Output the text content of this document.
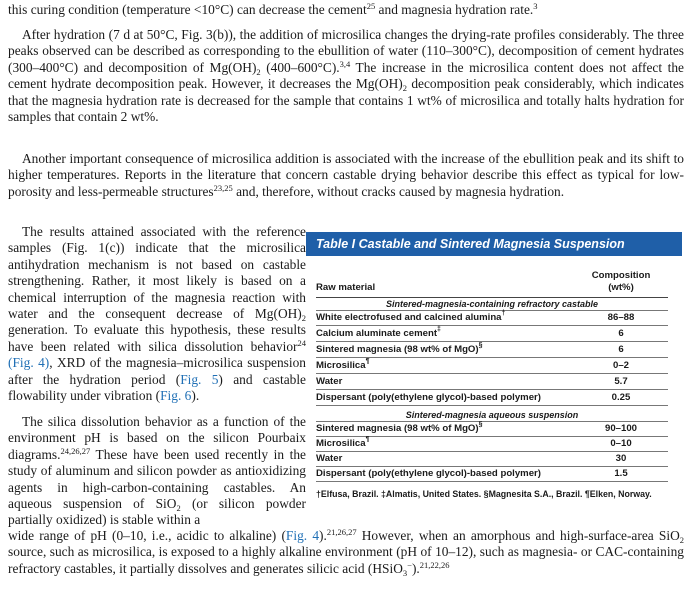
this curing condition (temperature <10°C) can decrease the cement$^{25}$ and magnesia hydration rate.$^3$

After hydration (7 d at 50°C, Fig. 3(b)), the addition of microsilica changes the drying-rate profiles considerably. The three peaks observed can be described as corresponding to the ebullition of water (110–300°C), decomposition of cement hydrates (300–400°C) and decomposition of $Mg(OH)_2$ (400–600°C).$^{3,4}$ The increase in the microsilica content does not affect the cement hydrate decomposition peak. However, it decreases the $Mg(OH)_2$ decomposition peak considerably, which indicates that the magnesia hydration rate is decreased for the sample that contains 1 wt% of microsilica and totally halts hydration for samples that contain 2 wt%.

Another important consequence of microsilica addition is associated with the increase of the ebullition peak and its shift to higher temperatures. Reports in the literature that concern castable drying behavior describe this effect as typical for low-porosity and less-permeable structures$^{23,25}$ and, therefore, without cracks caused by magnesia hydration.

The results attained associated with the reference samples (Fig. 1(c)) indicate that the microsilica antihydration mechanism is not based on castable strengthening. Rather, it most likely is based on a chemical interruption of the magnesia reaction with water and the consequent decrease of $Mg(OH)_2$ generation. To evaluate this hypothesis, these results have been related with silica dissolution behavior$^{24}$ (Fig. 4), XRD of the magnesia–microsilica suspension after the hydration period (Fig. 5) and castable flowability under vibration (Fig. 6).

The silica dissolution behavior as a function of the environment pH is based on the silicon Pourbaix diagrams.$^{24,26,27}$ These have been used recently in the study of aluminum and silicon powder as antioxidizing agents in high-carbon-containing castables. An aqueous suspension of SiO$_2$ (or silicon powder partially oxidized) is stable within a

wide range of pH (0–10, i.e., acidic to alkaline) (Fig. 4).$^{21,26,27}$ However, when an amorphous and high-surface-area SiO$_2$ source, such as microsilica, is exposed to a highly alkaline environment (pH of 10–12), such as magnesia- or CAC-containing refractory castables, it partially dissolves and generates silicic acid (HSiO$_3$−).$^{21,22,26}$

Table I Castable and Sintered Magnesia Suspension Composition
Raw material
Composition
(wt%)
Sintered-magnesia-containing refractory castable
White electrofused and calcined alumina†	86–88
Calcium aluminate cement‡	6
Sintered magnesia (98 wt% of MgO)§	6
Microsilica¶	0–2
Water	5.7
Dispersant (poly(ethylene glycol)-based polymer)	0.25
Sintered-magnesia aqueous suspension
Sintered magnesia (98 wt% of MgO)§	90–100
Microsilica¶	0–10
Water	30
Dispersant (poly(ethylene glycol)-based polymer)	1.5
†Elfusa, Brazil. ‡Almatis, United States. §Magnesita S.A., Brazil. ¶Elken, Norway.
